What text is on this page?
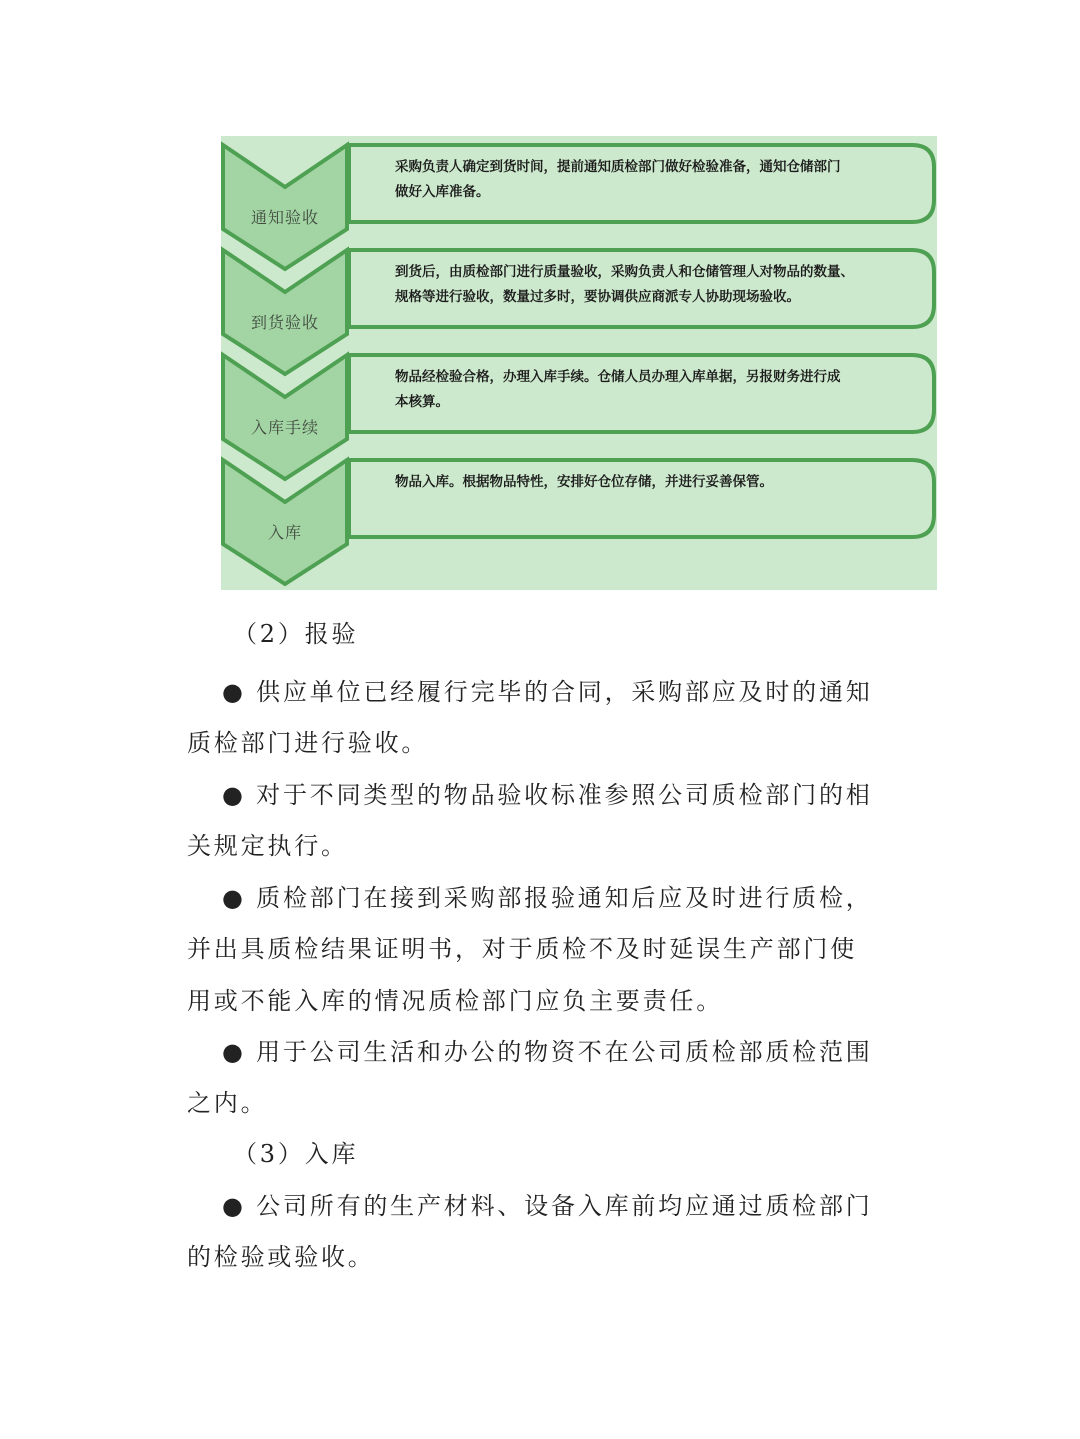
通知验收
采购负责人确定到货时间，提前通知质检部门做好检验准备，通知仓储部门
做好入库准备。
到货验收
到货后，由质检部门进行质量验收，采购负责人和仓储管理人对物品的数量、
规格等进行验收，数量过多时，要协调供应商派专人协助现场验收。
入库手续
物品经检验合格，办理入库手续。仓储人员办理入库单据，另报财务进行成
本核算。
入库
物品入库。根据物品特性，安排好仓位存储，并进行妥善保管。
（2）报验
● 供应单位已经履行完毕的合同，采购部应及时的通知
质检部门进行验收。
● 对于不同类型的物品验收标准参照公司质检部门的相
关规定执行。
● 质检部门在接到采购部报验通知后应及时进行质检，
并出具质检结果证明书，对于质检不及时延误生产部门使
用或不能入库的情况质检部门应负主要责任。
● 用于公司生活和办公的物资不在公司质检部质检范围
之内。
● 公司所有的生产材料、设备入库前均应通过质检部门
的检验或验收。
（3）入库
